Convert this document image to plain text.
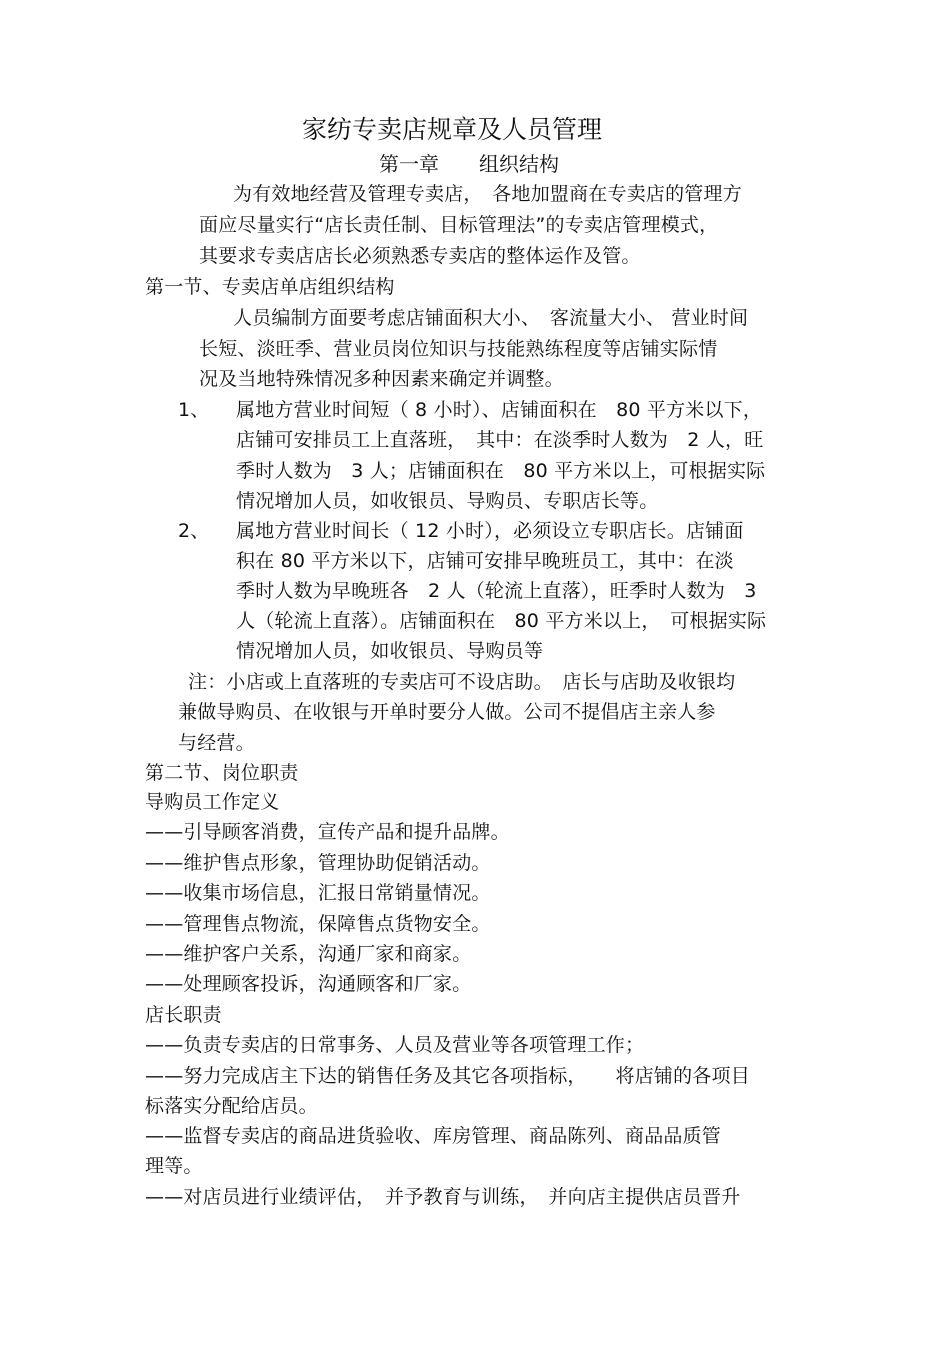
家纺专卖店规章及人员管理
第一章　　组织结构
为有效地经营及管理专卖店，　各地加盟商在专卖店的管理方
面应尽量实行“店长责任制、目标管理法”的专卖店管理模式，
其要求专卖店店长必须熟悉专卖店的整体运作及管。
第一节、专卖店单店组织结构
人员编制方面要考虑店铺面积大小、　客流量大小、 营业时间
长短、淡旺季、营业员岗位知识与技能熟练程度等店铺实际情
况及当地特殊情况多种因素来确定并调整。
1、 属地方营业时间短（ 8 小时）、店铺面积在　80 平方米以下，
店铺可安排员工上直落班，　其中：在淡季时人数为　2 人，旺
季时人数为　3 人；店铺面积在　80 平方米以上，可根据实际
情况增加人员，如收银员、导购员、专职店长等。
2、 属地方营业时间长（ 12 小时），必须设立专职店长。店铺面
积在 80 平方米以下，店铺可安排早晚班员工，其中：在淡
季时人数为早晚班各　2 人（轮流上直落），旺季时人数为　3
人（轮流上直落）。店铺面积在　80 平方米以上，　可根据实际
情况增加人员，如收银员、导购员等
注：小店或上直落班的专卖店可不设店助。　店长与店助及收银均
兼做导购员、在收银与开单时要分人做。公司不提倡店主亲人参
与经营。
第二节、岗位职责
导购员工作定义
——引导顾客消费，宣传产品和提升品牌。
——维护售点形象，管理协助促销活动。
——收集市场信息，汇报日常销量情况。
——管理售点物流，保障售点货物安全。
——维护客户关系，沟通厂家和商家。
——处理顾客投诉，沟通顾客和厂家。
店长职责
——负责专卖店的日常事务、人员及营业等各项管理工作；
——努力完成店主下达的销售任务及其它各项指标，　　将店铺的各项目
标落实分配给店员。
——监督专卖店的商品进货验收、库房管理、商品陈列、商品品质管
理等。
——对店员进行业绩评估，　并予教育与训练，　并向店主提供店员晋升
